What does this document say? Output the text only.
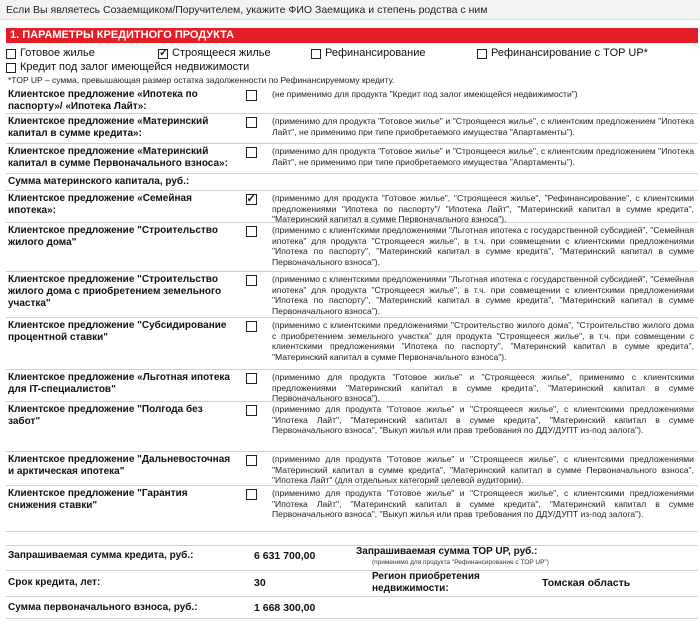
Если Вы являетесь Созаемщиком/Поручителем, укажите ФИО Заемщика и степень родства с ним
1. ПАРАМЕТРЫ КРЕДИТНОГО ПРОДУКТА
Готовое жилье
✓	Строящееся жилье	Рефинансирование	Рефинансирование с TOP UP*
Кредит под залог имеющейся недвижимости
*TOP UP – сумма, превышающая размер остатка задолженности по Рефинансируемому кредиту.
Клиентское предложение «Ипотека по паспорту»/ «Ипотека Лайт»:
(не применимо для продукта "Кредит под залог имеющейся недвижимости")
Клиентское предложение «Материнский капитал в сумме кредита»:
(применимо для продукта "Готовое жилье" и "Строящееся жилье", с клиентским предложением "Ипотека Лайт", не применимо при типе приобретаемого имущества "Апартаменты").
Клиентское предложение «Материнский капитал в сумме Первоначального взноса»:
(применимо для продукта "Готовое жилье" и "Строящееся жилье", с клиентским предложением "Ипотека Лайт", не применимо при типе приобретаемого имущества "Апартаменты").
Сумма материнского капитала, руб.:
Клиентское предложение «Семейная ипотека»:
✓
(применимо для продукта "Готовое жилье", "Строящееся жилье", "Рефинансирование", с клиентскими предложениями "Ипотека по паспорту"/ "Ипотека Лайт", "Материнский капитал в сумме кредита", "Материнский капитал в сумме Первоначального взноса").
Клиентское предложение "Строительство жилого дома"
(применимо с клиентскими предложениями "Льготная ипотека с государственной субсидией", "Семейная ипотека" для продукта "Строящееся жилье", в т.ч. при совмещении с клиентскими предложениями "Ипотека по паспорту", "Материнский капитал в сумме кредита", "Материнский капитал в сумме Первоначального взноса").
Клиентское предложение "Строительство жилого дома с приобретением земельного участка"
(применимо с клиентскими предложениями "Льготная ипотека с государственной субсидией", "Семейная ипотека" для продукта "Строящееся жилье", в т.ч. при совмещении с клиентскими предложениями "Ипотека по паспорту", "Материнский капитал в сумме кредита", "Материнский капитал в сумме Первоначального взноса").
Клиентское предложение "Субсидирование процентной ставки"
(применимо с клиентскими предложениями "Строительство жилого дома", "Строительство жилого дома с приобретением земельного участка" для продукта "Строящееся жилье", в т.ч. при совмещении с клиентскими предложениями "Ипотека по паспорту", "Материнский капитал в сумме кредита", "Материнский капитал в сумме Первоначального взноса").
Клиентское предложение «Льготная ипотека для IT-специалистов"
(применимо для продукта "Готовое жилье" и "Строящееся жилье", применимо с клиентскими предложениями "Материнский капитал в сумме кредита", "Материнский капитал в сумме Первоначального взноса").
Клиентское предложение "Полгода без забот"
(применимо для продукта "Готовое жилье" и "Строящееся жилье", с клиентскими предложениями "Ипотека Лайт", "Материнский капитал в сумме кредита", "Материнский капитал в сумме Первоначального взноса", "Выкуп жилья или прав требования по ДДУ/ДУПТ из-под залога").
Клиентское предложение "Дальневосточная и арктическая ипотека"
(применимо для продукта "Готовое жилье" и "Строящееся жилье", с клиентскими предложениями "Материнский капитал в сумме кредита", "Материнский капитал в сумме Первоначального взноса", "Ипотека Лайт" (для отдельных категорий целевой аудитории).
Клиентское предложение "Гарантия снижения ставки"
(применимо для продукта "Готовое жилье" и "Строящееся жилье", с клиентскими предложениями "Ипотека Лайт", "Материнский капитал в сумме кредита", "Материнский капитал в сумме Первоначального взноса", "Выкуп жилья или прав требования по ДДУ/ДУПТ из-под залога").
Запрашиваемая сумма кредита, руб.:	6 631 700,00	Запрашиваемая сумма TOP UP, руб.:
(применимо для продукта "Рефинансирование с TOP UP")
Срок кредита, лет:	30
Регион приобретения недвижимости:	Томская область
Сумма первоначального взноса, руб.:	1 668 300,00
